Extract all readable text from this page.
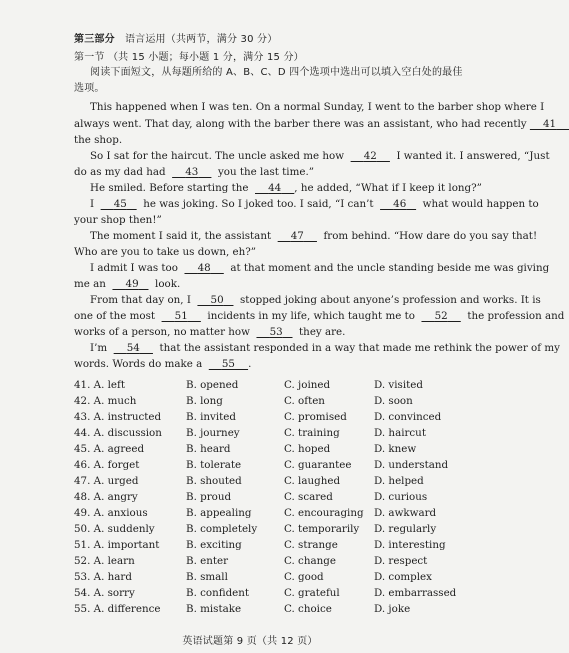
第三部分 语言运用（共两节，满分 30 分）
第一节 （共 15 小题；每小题 1 分，满分 15 分）
阅读下面短文，从每题所给的 A、B、C、D 四个选项中选出可以填入空白处的最佳
选项。
This happened when I was ten. On a normal Sunday, I went to the barber shop where I
always went. That day, along with the barber there was an assistant, who had recently 41
the shop.
So I sat for the haircut. The uncle asked me how 42 I wanted it. I answered, “Just
do as my dad had 43 you the last time.”
He smiled. Before starting the 44 , he added, “What if I keep it long?”
I 45 he was joking. So I joked too. I said, “I can’t 46 what would happen to
your shop then!”
The moment I said it, the assistant 47 from behind. “How dare do you say that!
Who are you to take us down, eh?”
I admit I was too 48 at that moment and the uncle standing beside me was giving
me an 49 look.
From that day on, I 50 stopped joking about anyone’s profession and works. It is
one of the most 51 incidents in my life, which taught me to 52 the profession and
works of a person, no matter how 53 they are.
I’m 54 that the assistant responded in a way that made me rethink the power of my
words. Words do make a 55 .
41. A. left	B. opened	C. joined	D. visited
42. A. much	B. long	C. often	D. soon
43. A. instructed B. invited	C. promised	D. convinced
44. A. discussion B. journey	C. training	D. haircut
45. A. agreed	B. heard	C. hoped	D. knew
46. A. forget	B. tolerate	C. guarantee D. understand
47. A. urged	B. shouted	C. laughed	D. helped
48. A. angry	B. proud	C. scared	D. curious
49. A. anxious	B. appealing	C. encouraging D. awkward
50. A. suddenly	B. completely	C. temporarily D. regularly
51. A. important	B. exciting	C. strange	D. interesting
52. A. learn	B. enter	C. change	D. respect
53. A. hard	B. small	C. good	D. complex
54. A. sorry	B. confident	C. grateful	D. embarrassed
55. A. difference B. mistake	C. choice	D. joke
英语试题第 9 页（共 12 页）
